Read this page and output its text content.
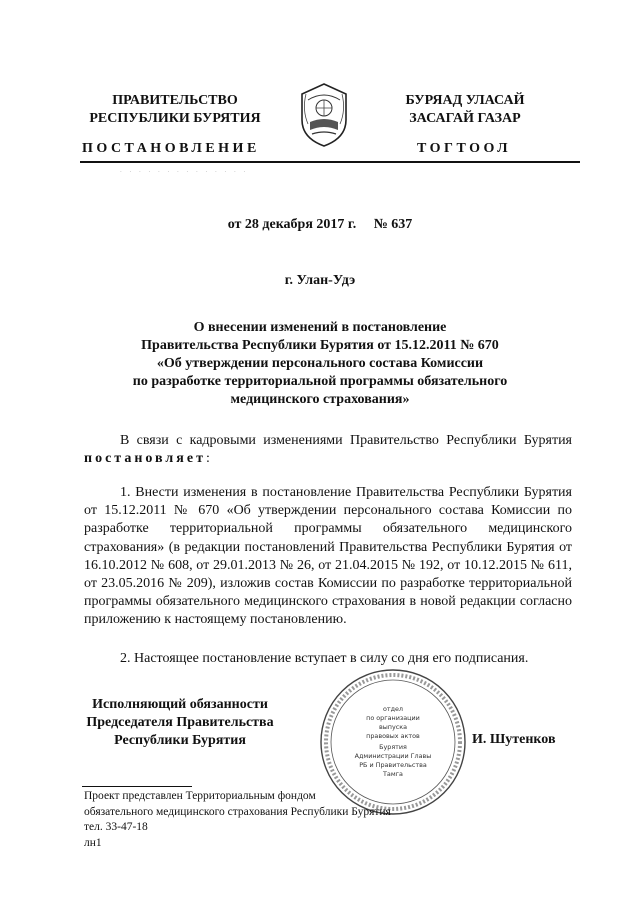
ПРАВИТЕЛЬСТВО
РЕСПУБЛИКИ БУРЯТИЯ
БУРЯАД УЛАСАЙ
ЗАСАГАЙ ГАЗАР
ПОСТАНОВЛЕНИЕ	ТОГТООЛ
. . . . . . . . . . . . . .
от 28 декабря 2017 г.     № 637
г. Улан-Удэ
О внесении изменений в постановление
Правительства Республики Бурятия от 15.12.2011 № 670
«Об утверждении персонального состава Комиссии
по разработке территориальной программы обязательного
медицинского страхования»
В связи с кадровыми изменениями Правительство Республики Бурятия постановляет:
1. Внести изменения в постановление Правительства Республики Бурятия от 15.12.2011 № 670 «Об утверждении персонального состава Комиссии по разработке территориальной программы обязательного медицинского страхования» (в редакции постановлений Правительства Республики Бурятия от 16.10.2012 № 608, от 29.01.2013 № 26, от 21.04.2015 № 192, от 10.12.2015 № 611, от 23.05.2016 № 209), изложив состав Комиссии по разработке территориальной программы обязательного медицинского страхования в новой редакции согласно приложению к настоящему постановлению.
2. Настоящее постановление вступает в силу со дня его подписания.
Исполняющий обязанности
Председателя Правительства
Республики Бурятия
отдел
по организации
выпуска
правовых актов
Бурятия
Администрации Главы
РБ и Правительства
Тамга
И. Шутенков
Проект представлен Территориальным фондом
обязательного медицинского страхования Республики Бурятия
тел. 33-47-18
лн1
